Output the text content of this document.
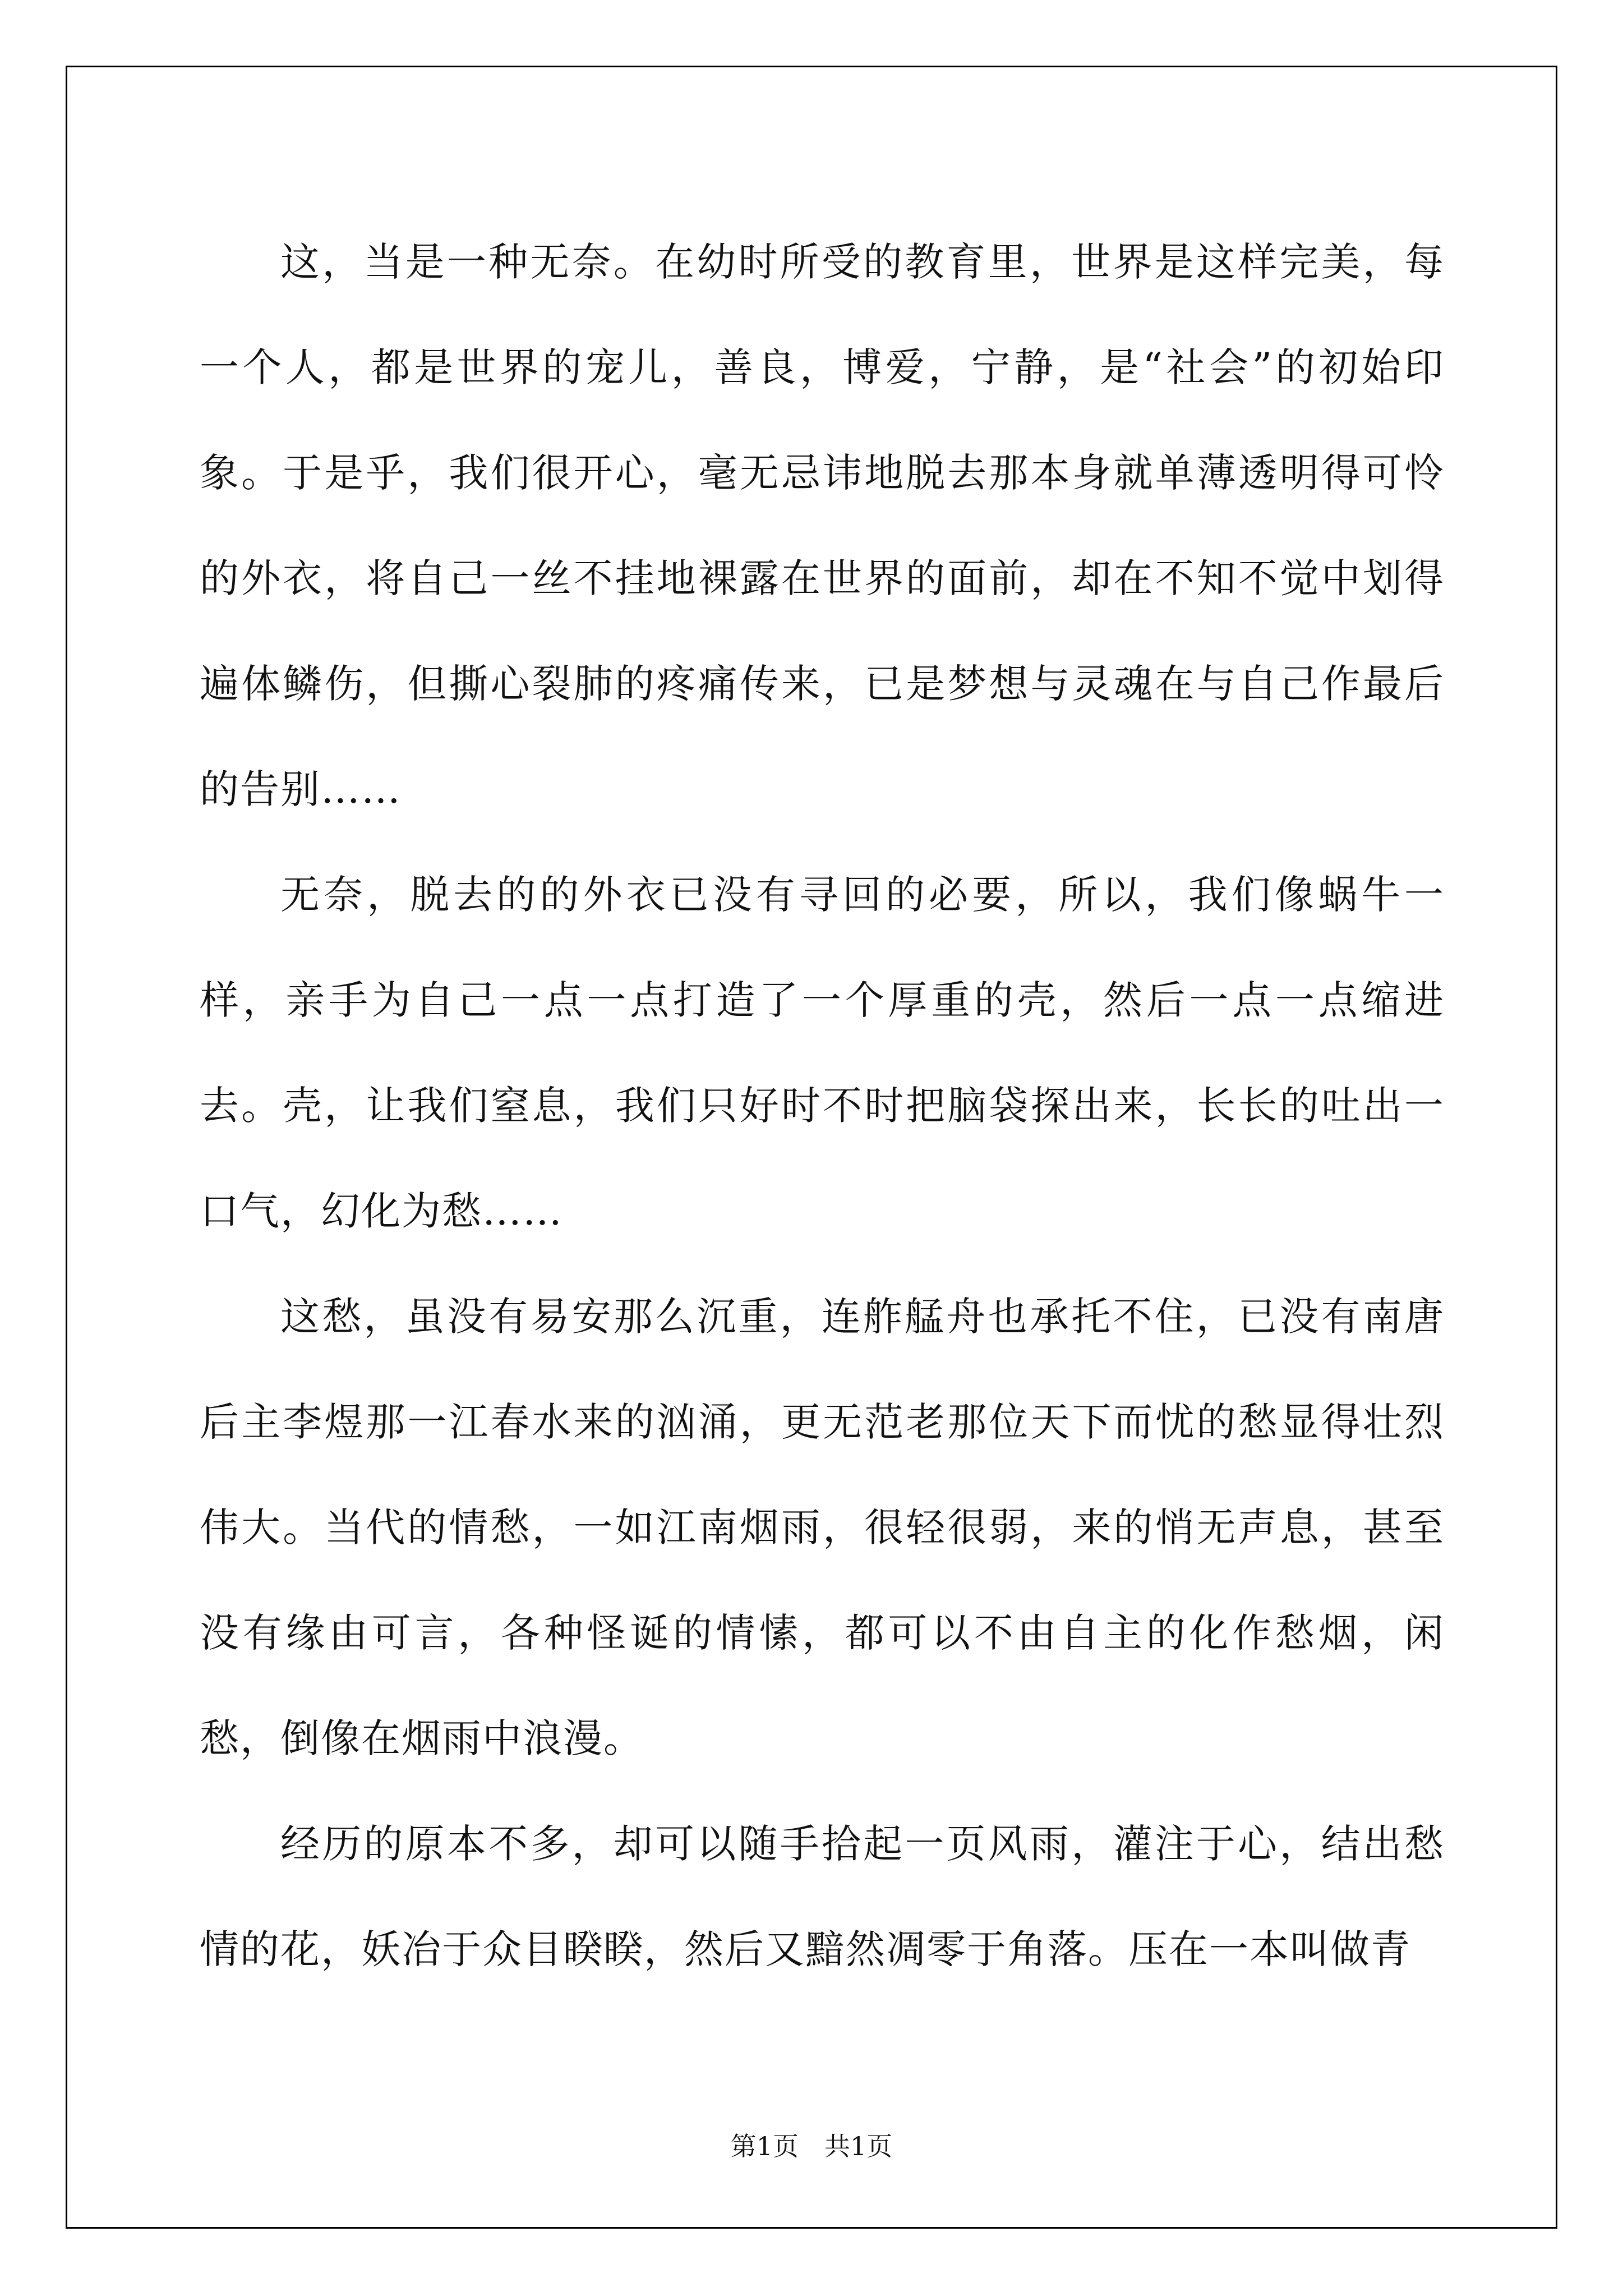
这，当是一种无奈。在幼时所受的教育里，世界是这样完美，每一个人，都是世界的宠儿，善良，博爱，宁静，是“社会”的初始印象。于是乎，我们很开心，毫无忌讳地脱去那本身就单薄透明得可怜的外衣，将自己一丝不挂地裸露在世界的面前，却在不知不觉中划得遍体鳞伤，但撕心裂肺的疼痛传来，已是梦想与灵魂在与自己作最后的告别……

无奈，脱去的的外衣已没有寻回的必要，所以，我们像蜗牛一样，亲手为自己一点一点打造了一个厚重的壳，然后一点一点缩进去。壳，让我们窒息，我们只好时不时把脑袋探出来，长长的吐出一口气，幻化为愁……

这愁，虽没有易安那么沉重，连舴艋舟也承托不住，已没有南唐后主李煜那一江春水来的汹涌，更无范老那位天下而忧的愁显得壮烈伟大。当代的情愁，一如江南烟雨，很轻很弱，来的悄无声息，甚至没有缘由可言，各种怪诞的情愫，都可以不由自主的化作愁烟，闲愁，倒像在烟雨中浪漫。

经历的原本不多，却可以随手拾起一页风雨，灌注于心，结出愁情的花，妖冶于众目睽睽，然后又黯然凋零于角落。压在一本叫做青

第1页　共1页
